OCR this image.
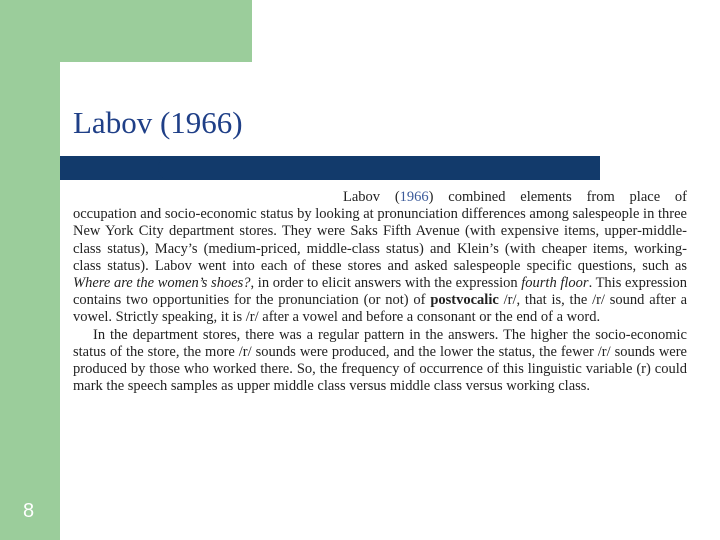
Labov (1966)

Labov (1966) combined elements from place of occupation and socio-economic status by looking at pronunciation differences among salespeople in three New York City department stores. They were Saks Fifth Avenue (with expensive items, upper-middle-class status), Macy’s (medium-priced, middle-class status) and Klein’s (with cheaper items, working-class status). Labov went into each of these stores and asked salespeople specific questions, such as Where are the women’s shoes?, in order to elicit answers with the expression fourth floor. This expression contains two opportunities for the pronunciation (or not) of postvocalic /r/, that is, the /r/ sound after a vowel. Strictly speaking, it is /r/ after a vowel and before a consonant or the end of a word.

In the department stores, there was a regular pattern in the answers. The higher the socio-economic status of the store, the more /r/ sounds were produced, and the lower the status, the fewer /r/ sounds were produced by those who worked there. So, the frequency of occurrence of this linguistic variable (r) could mark the speech samples as upper middle class versus middle class versus working class.

8
